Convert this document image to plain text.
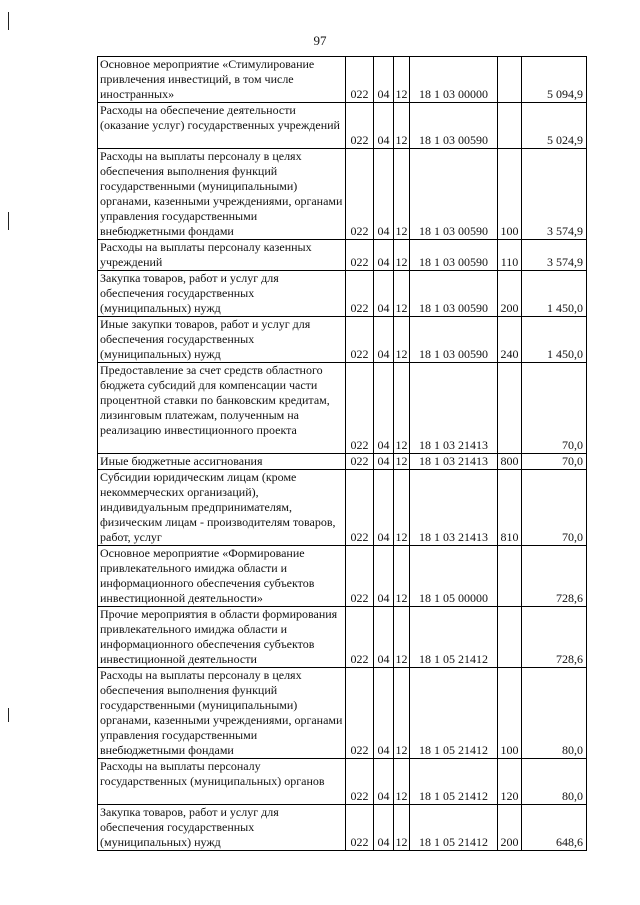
97
Основное мероприятие «Стимулирование привлечения инвестиций, в том числе иностранных»	022	04	12	18 1 03 00000		5 094,9
Расходы на обеспечение деятельности (оказание услуг) государственных учреждений	022	04	12	18 1 03 00590		5 024,9
Расходы на выплаты персоналу в целях обеспечения выполнения функций государственными (муниципальными) органами, казенными учреждениями, органами управления государственными внебюджетными фондами	022	04	12	18 1 03 00590	100	3 574,9
Расходы на выплаты персоналу казенных учреждений	022	04	12	18 1 03 00590	110	3 574,9
Закупка товаров, работ и услуг для обеспечения государственных (муниципальных) нужд	022	04	12	18 1 03 00590	200	1 450,0
Иные закупки товаров, работ и услуг для обеспечения государственных (муниципальных) нужд	022	04	12	18 1 03 00590	240	1 450,0
Предоставление за счет средств областного бюджета субсидий для компенсации части процентной ставки по банковским кредитам, лизинговым платежам, полученным на реализацию инвестиционного проекта	022	04	12	18 1 03 21413		70,0
Иные бюджетные ассигнования	022	04	12	18 1 03 21413	800	70,0
Субсидии юридическим лицам (кроме некоммерческих организаций), индивидуальным предпринимателям, физическим лицам - производителям товаров, работ, услуг	022	04	12	18 1 03 21413	810	70,0
Основное мероприятие «Формирование привлекательного имиджа области и информационного обеспечения субъектов инвестиционной деятельности»	022	04	12	18 1 05 00000		728,6
Прочие мероприятия в области формирования привлекательного имиджа области и информационного обеспечения субъектов инвестиционной деятельности	022	04	12	18 1 05 21412		728,6
Расходы на выплаты персоналу в целях обеспечения выполнения функций государственными (муниципальными) органами, казенными учреждениями, органами управления государственными внебюджетными фондами	022	04	12	18 1 05 21412	100	80,0
Расходы на выплаты персоналу государственных (муниципальных) органов	022	04	12	18 1 05 21412	120	80,0
Закупка товаров, работ и услуг для обеспечения государственных (муниципальных) нужд	022	04	12	18 1 05 21412	200	648,6
